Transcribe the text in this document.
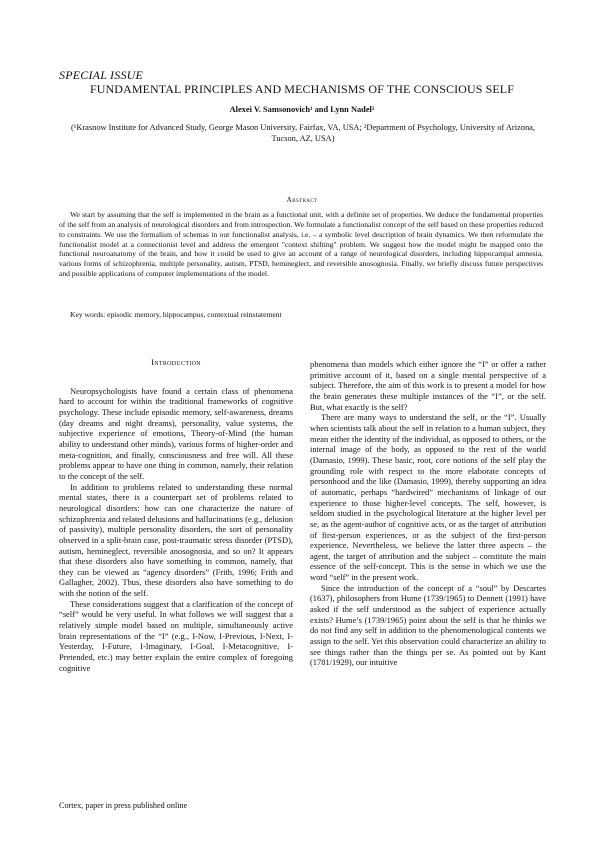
SPECIAL ISSUE
FUNDAMENTAL PRINCIPLES AND MECHANISMS OF THE CONSCIOUS SELF
Alexei V. Samsonovich¹ and Lynn Nadel²
(¹Krasnow Institute for Advanced Study, George Mason University, Fairfax, VA, USA; ²Department of Psychology, University of Arizona, Tucson, AZ, USA)
Abstract

We start by assuming that the self is implemented in the brain as a functional unit, with a definite set of properties. We deduce the fundamental properties of the self from an analysis of neurological disorders and from introspection. We formulate a functionalist concept of the self based on these properties reduced to constraints. We use the formalism of schemas in our functionalist analysis, i.e. – a symbolic level description of brain dynamics. We then reformulate the functionalist model at a connectionist level and address the emergent "context shifting" problem. We suggest how the model might be mapped onto the functional neuroanatomy of the brain, and how it could be used to give an account of a range of neurological disorders, including hippocampal amnesia, various forms of schizophrenia, multiple personality, autism, PTSD, hemineglect, and reversible anosognosia. Finally, we briefly discuss future perspectives and possible applications of computer implementations of the model.

Key words: episodic memory, hippocampus, contextual reinstatement
Introduction

Neuropsychologists have found a certain class of phenomena hard to account for within the traditional frameworks of cognitive psychology. These include episodic memory, self-awareness, dreams (day dreams and night dreams), personality, value systems, the subjective experience of emotions, Theory-of-Mind (the human ability to understand other minds), various forms of higher-order and meta-cognition, and finally, consciousness and free will. All these problems appear to have one thing in common, namely, their relation to the concept of the self.

In addition to problems related to understanding these normal mental states, there is a counterpart set of problems related to neurological disorders: how can one characterize the nature of schizophrenia and related delusions and hallucinations (e.g., delusion of passivity), multiple personality disorders, the sort of personality observed in a split-brain case, post-traumatic stress disorder (PTSD), autism, hemineglect, reversible anosognosia, and so on? It appears that these disorders also have something in common, namely, that they can be viewed as “agency disorders” (Frith, 1996; Frith and Gallagher, 2002). Thus, these disorders also have something to do with the notion of the self.

These considerations suggest that a clarification of the concept of “self” would be very useful. In what follows we will suggest that a relatively simple model based on multiple, simultaneously active brain representations of the “I” (e.g., I-Now, I-Previous, I-Next, I-Yesterday, I-Future, I-Imaginary, I-Goal, I-Metacognitive, I-Pretended, etc.) may better explain the entire complex of foregoing cognitive

phenomena than models which either ignore the “I” or offer a rather primitive account of it, based on a single mental perspective of a subject. Therefore, the aim of this work is to present a model for how the brain generates these multiple instances of the “I”, or the self. But, what exactly is the self?

There are many ways to understand the self, or the “I”. Usually when scientists talk about the self in relation to a human subject, they mean either the identity of the individual, as opposed to others, or the internal image of the body, as opposed to the rest of the world (Damasio, 1999). These basic, root, core notions of the self play the grounding role with respect to the more elaborate concepts of personhood and the like (Damasio, 1999), thereby supporting an idea of automatic, perhaps “hardwired” mechanisms of linkage of our experience to those higher-level concepts. The self, however, is seldom studied in the psychological literature at the higher level per se, as the agent-author of cognitive acts, or as the target of attribution of first-person experiences, or as the subject of the first-person experience. Nevertheless, we believe the latter three aspects – the agent, the target of attribution and the subject – constitute the main essence of the self-concept. This is the sense in which we use the word “self” in the present work.

Since the introduction of the concept of a “soul” by Descartes (1637), philosophers from Hume (1739/1965) to Dennett (1991) have asked if the self understood as the subject of experience actually exists? Hume’s (1739/1965) point about the self is that he thinks we do not find any self in addition to the phenomenological contents we assign to the self. Yet this observation could characterize an ability to see things rather than the things per se. As pointed out by Kant (1781/1929), our intuitive

Cortex, paper in press published online
